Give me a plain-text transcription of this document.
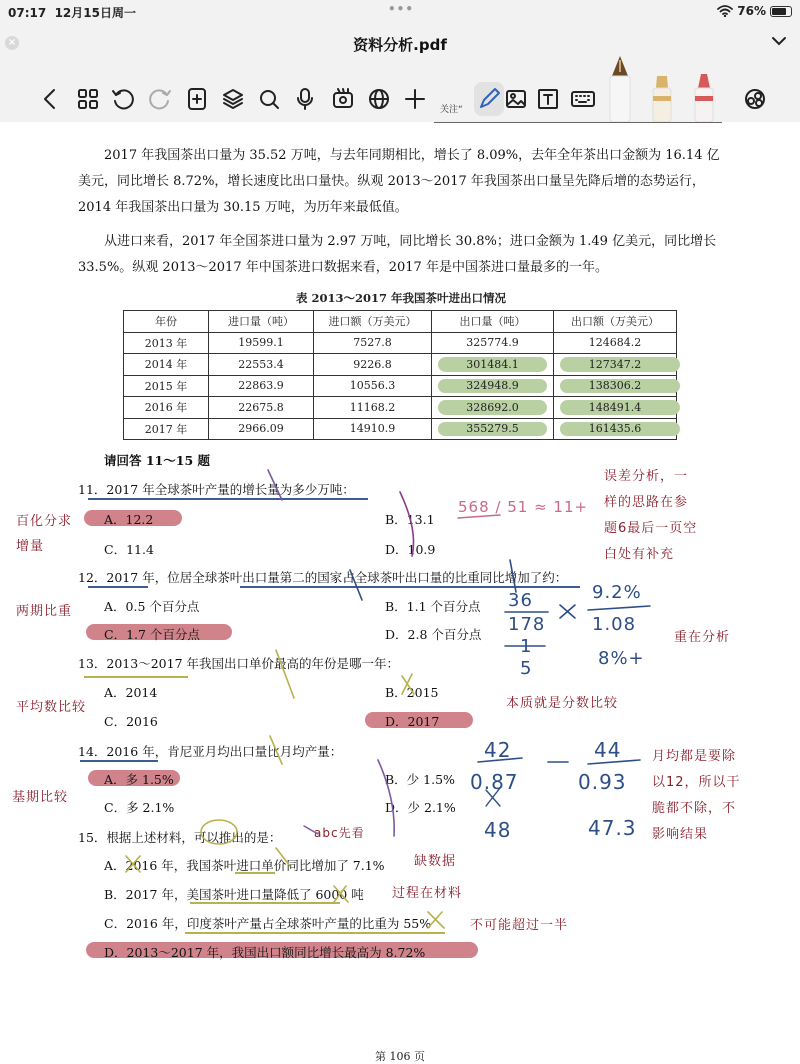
07:17 12月15日周一	•••	76%
×	资料分析.pdf
关注“
2017 年我国茶出口量为 35.52 万吨，与去年同期相比，增长了 8.09%，去年全年茶出口金额为 16.14 亿美元，同比增长 8.72%，增长速度比出口量快。纵观 2013～2017 年我国茶出口量呈先降后增的态势运行，2014 年我国茶出口量为 30.15 万吨，为历年来最低值。
从进口来看，2017 年全国茶进口量为 2.97 万吨，同比增长 30.8%；进口金额为 1.49 亿美元，同比增长 33.5%。纵观 2013～2017 年中国茶进口数据来看，2017 年是中国茶进口量最多的一年。
表 2013～2017 年我国茶叶进出口情况
年份	进口量（吨）	进口额（万美元）	出口量（吨）	出口额（万美元）
2013 年	19599.1	7527.8	325774.9	124684.2
2014 年	22553.4	9226.8	301484.1	127347.2
2015 年	22863.9	10556.3	324948.9	138306.2
2016 年	22675.8	11168.2	328692.0	148491.4
2017 年	2966.09	14910.9	355279.5	161435.6
请回答 11～15 题
11．2017 年全球茶叶产量的增长量为多少万吨：
A．12.2	B．13.1
C．11.4	D．10.9
12．2017 年，位居全球茶叶出口量第二的国家占全球茶叶出口量的比重同比增加了约：
A．0.5 个百分点	B．1.1 个百分点
C．1.7 个百分点	D．2.8 个百分点
13．2013～2017 年我国出口单价最高的年份是哪一年：
A．2014	B．2015
C．2016	D．2017
14．2016 年，肯尼亚月均出口量比月均产量：
A．多 1.5%	B．少 1.5%
C．多 2.1%	D．少 2.1%
15．根据上述材料，可以推出的是：
A．2016 年，我国茶叶进口单价同比增加了 7.1%
B．2017 年，美国茶叶进口量降低了 6000 吨
C．2016 年，印度茶叶产量占全球茶叶产量的比重为 55%
D．2013～2017 年，我国出口额同比增长最高为 8.72%
第 106 页
百化分求
增量
两期比重
平均数比较
基期比较
误差分析，一
样的思路在参
题6最后一页空
白处有补充
568 / 51 ≈ 11+
36
178
1
5
9.2%
1.08
8%+
重在分析
本质就是分数比较
42
0.87
48
44
0.93
47.3
月均都是要除
以12，所以干
脆都不除，不
影响结果
abc先看
缺数据
过程在材料
不可能超过一半
